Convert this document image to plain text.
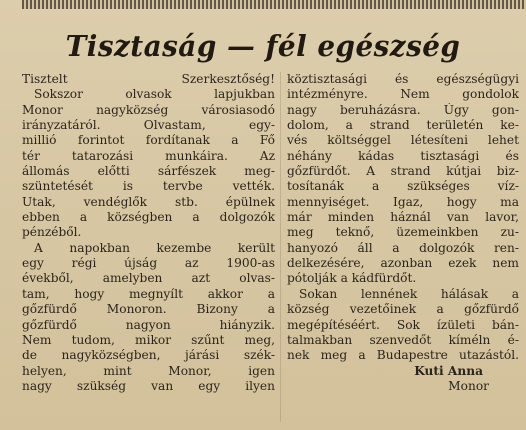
Tisztaság — fél egészség
Tisztelt Szerkesztőség!
Sokszor olvasok lapjukban
Monor nagyközség városiasodó
irányzatáról. Olvastam, egy-
millió forintot fordítanak a Fő
tér tatarozási munkáira. Az
állomás előtti sárfészek meg-
szüntetését is tervbe vették.
Utak, vendéglők stb. épülnek
ebben a községben a dolgozók
pénzéből.
A napokban kezembe került
egy régi újság az 1900-as
évekből, amelyben azt olvas-
tam, hogy megnyílt akkor a
gőzfürdő Monoron. Bizony a
gőzfürdő nagyon hiányzik.
Nem tudom, mikor szűnt meg,
de nagyközségben, járási szék-
helyen, mint Monor, igen
nagy szükség van egy ilyen
köztisztasági és egészségügyi
intézményre. Nem gondolok
nagy beruházásra. Úgy gon-
dolom, a strand területén ke-
vés költséggel létesíteni lehet
néhány kádas tisztasági és
gőzfürdőt. A strand kútjai biz-
tosítanák a szükséges víz-
mennyiséget. Igaz, hogy ma
már minden háznál van lavor,
meg teknő, üzemeinkben zu-
hanyozó áll a dolgozók ren-
delkezésére, azonban ezek nem
pótolják a kádfürdőt.
Sokan lennének hálásak a
község vezetőinek a gőzfürdő
megépítéséért. Sok ízületi bán-
talmakban szenvedőt kíméln é-
nek meg a Budapestre utazástól.
Kuti Anna
Monor
